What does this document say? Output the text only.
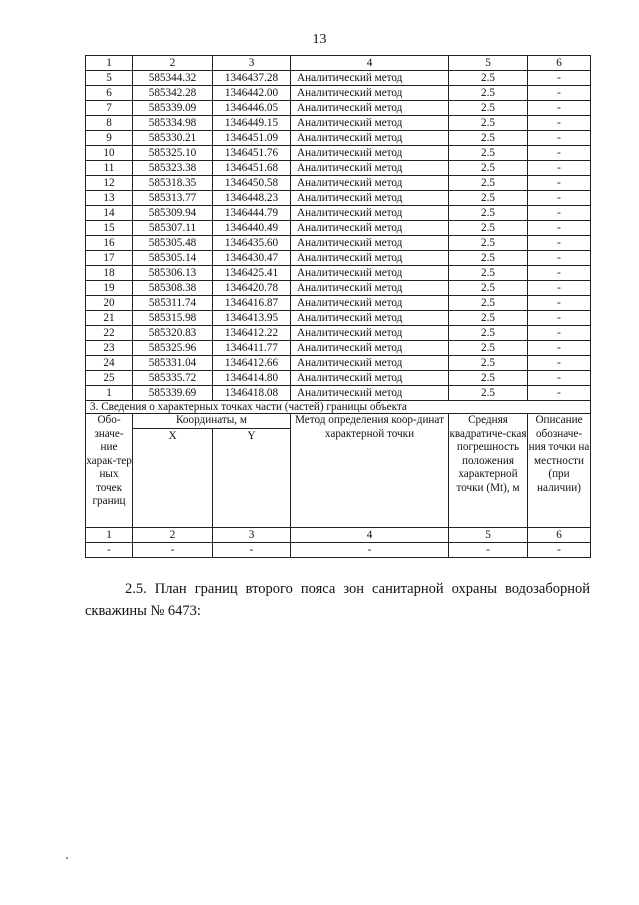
13
1	2	3	4	5	6
5	585344.32	1346437.28	Аналитический метод	2.5	-
6	585342.28	1346442.00	Аналитический метод	2.5	-
7	585339.09	1346446.05	Аналитический метод	2.5	-
8	585334.98	1346449.15	Аналитический метод	2.5	-
9	585330.21	1346451.09	Аналитический метод	2.5	-
10	585325.10	1346451.76	Аналитический метод	2.5	-
11	585323.38	1346451.68	Аналитический метод	2.5	-
12	585318.35	1346450.58	Аналитический метод	2.5	-
13	585313.77	1346448.23	Аналитический метод	2.5	-
14	585309.94	1346444.79	Аналитический метод	2.5	-
15	585307.11	1346440.49	Аналитический метод	2.5	-
16	585305.48	1346435.60	Аналитический метод	2.5	-
17	585305.14	1346430.47	Аналитический метод	2.5	-
18	585306.13	1346425.41	Аналитический метод	2.5	-
19	585308.38	1346420.78	Аналитический метод	2.5	-
20	585311.74	1346416.87	Аналитический метод	2.5	-
21	585315.98	1346413.95	Аналитический метод	2.5	-
22	585320.83	1346412.22	Аналитический метод	2.5	-
23	585325.96	1346411.77	Аналитический метод	2.5	-
24	585331.04	1346412.66	Аналитический метод	2.5	-
25	585335.72	1346414.80	Аналитический метод	2.5	-
1	585339.69	1346418.08	Аналитический метод	2.5	-
3. Сведения о характерных точках части (частей) границы объекта					
Обо-значе-ние харак-тер ных точек границ	Координаты, м		Метод определения коор-динат характерной точки	Средняя квадратиче-ская погрешность положения характерной точки (Mt), м	Описание обозначе-ния точки на местности (при наличии)
	X	Y			
1	2	3	4	5	6
-	-	-	-	-	-
2.5. План границ второго пояса зон санитарной охраны водозаборной скважины № 6473:
